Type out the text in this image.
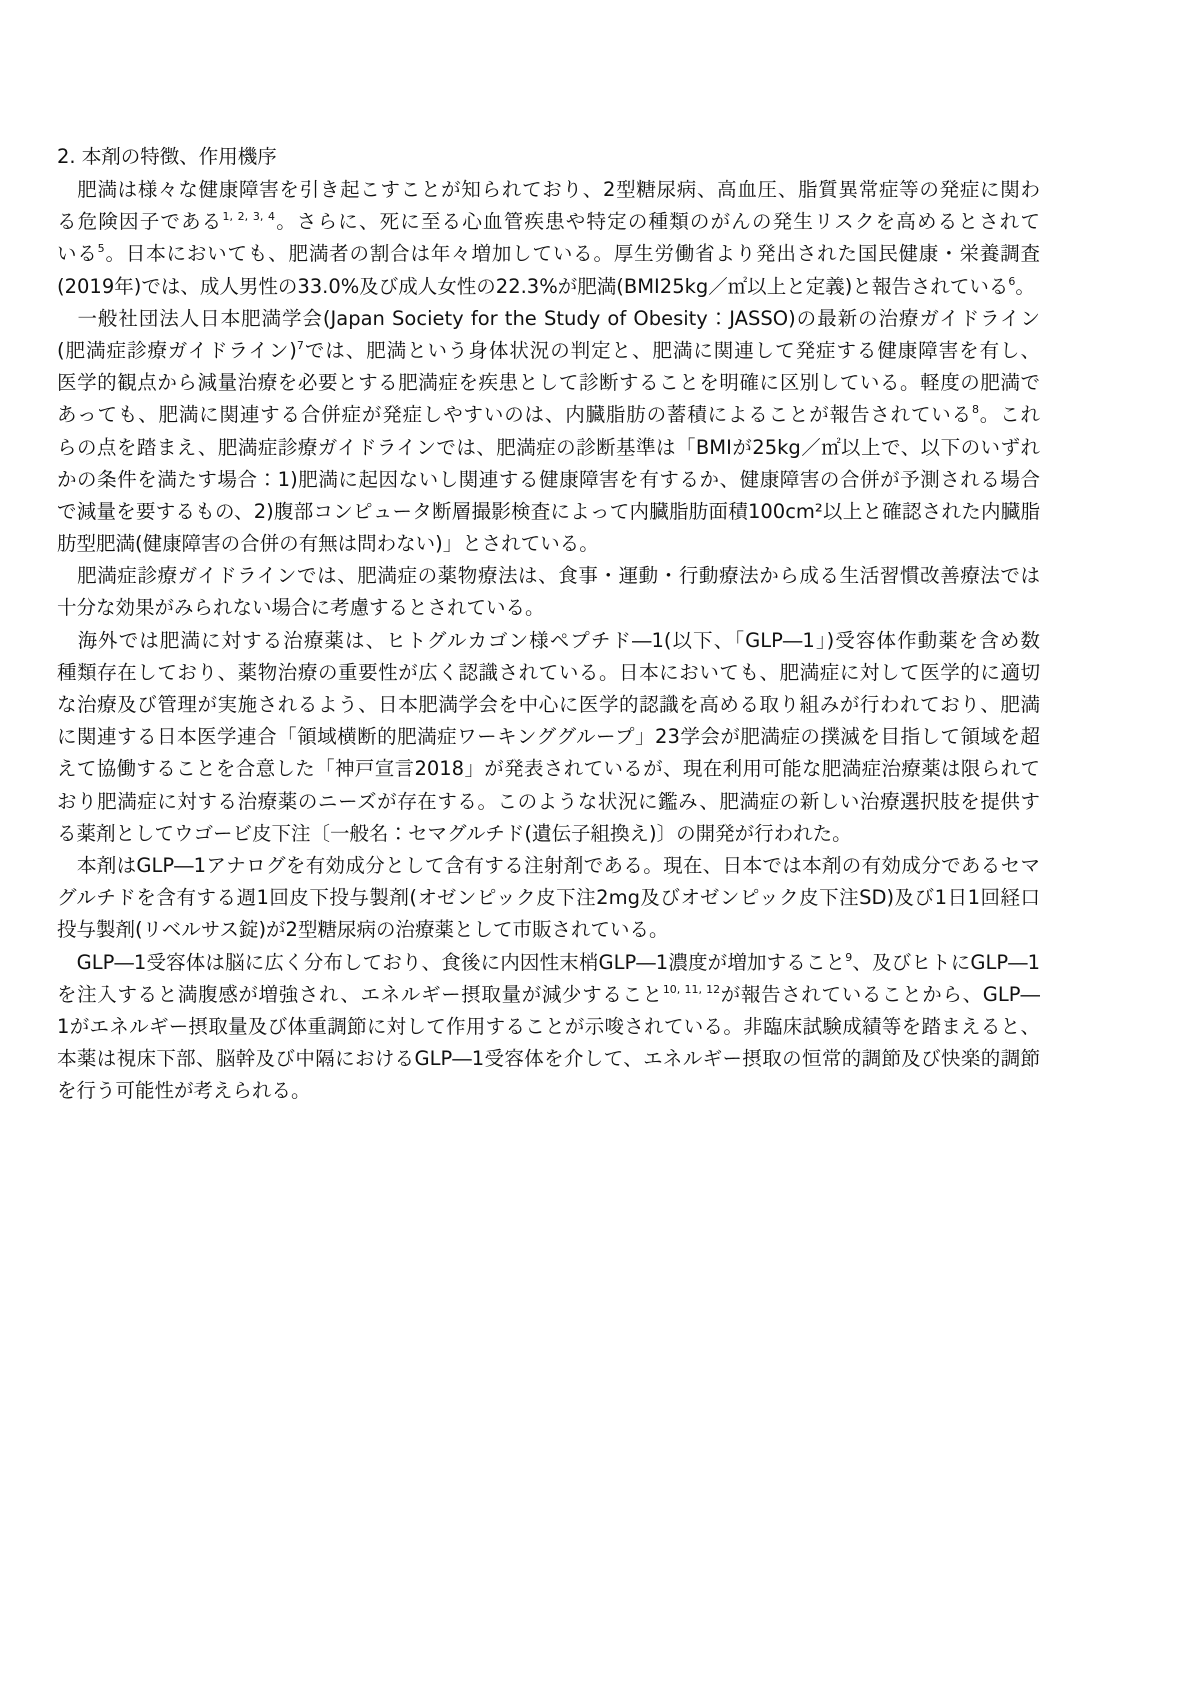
2. 本剤の特徴、作用機序
　肥満は様々な健康障害を引き起こすことが知られており、2型糖尿病、高血圧、脂質異常症等の発症に関わ
る危険因子である$^{1, 2, 3, 4}$。さらに、死に至る心血管疾患や特定の種類のがんの発生リスクを高めるとされて
いる$^5$。日本においても、肥満者の割合は年々増加している。厚生労働省より発出された国民健康・栄養調査
(2019年)では、成人男性の33.0%及び成人女性の22.3%が肥満(BMI25kg／㎡以上と定義)と報告されている$^6$。
　一般社団法人日本肥満学会(Japan Society for the Study of Obesity：JASSO)の最新の治療ガイドライン
(肥満症診療ガイドライン)$^7$では、肥満という身体状況の判定と、肥満に関連して発症する健康障害を有し、
医学的観点から減量治療を必要とする肥満症を疾患として診断することを明確に区別している。軽度の肥満で
あっても、肥満に関連する合併症が発症しやすいのは、内臓脂肪の蓄積によることが報告されている$^8$。これ
らの点を踏まえ、肥満症診療ガイドラインでは、肥満症の診断基準は「BMIが25kg／㎡以上で、以下のいずれ
かの条件を満たす場合：1)肥満に起因ないし関連する健康障害を有するか、健康障害の合併が予測される場合
で減量を要するもの、2)腹部コンピュータ断層撮影検査によって内臓脂肪面積100cm²以上と確認された内臓脂
肪型肥満(健康障害の合併の有無は問わない)」とされている。
　肥満症診療ガイドラインでは、肥満症の薬物療法は、食事・運動・行動療法から成る生活習慣改善療法では
十分な効果がみられない場合に考慮するとされている。
　海外では肥満に対する治療薬は、ヒトグルカゴン様ペプチド―1(以下、「GLP―1」)受容体作動薬を含め数
種類存在しており、薬物治療の重要性が広く認識されている。日本においても、肥満症に対して医学的に適切
な治療及び管理が実施されるよう、日本肥満学会を中心に医学的認識を高める取り組みが行われており、肥満
に関連する日本医学連合「領域横断的肥満症ワーキンググループ」23学会が肥満症の撲滅を目指して領域を超
えて協働することを合意した「神戸宣言2018」が発表されているが、現在利用可能な肥満症治療薬は限られて
おり肥満症に対する治療薬のニーズが存在する。このような状況に鑑み、肥満症の新しい治療選択肢を提供す
る薬剤としてウゴービ皮下注〔一般名：セマグルチド(遺伝子組換え)〕の開発が行われた。
　本剤はGLP―1アナログを有効成分として含有する注射剤である。現在、日本では本剤の有効成分であるセマ
グルチドを含有する週1回皮下投与製剤(オゼンピック皮下注2mg及びオゼンピック皮下注SD)及び1日1回経口
投与製剤(リベルサス錠)が2型糖尿病の治療薬として市販されている。
　GLP―1受容体は脳に広く分布しており、食後に内因性末梢GLP―1濃度が増加すること$^9$、及びヒトにGLP―1
を注入すると満腹感が増強され、エネルギー摂取量が減少すること$^{10, 11, 12}$が報告されていることから、GLP―
1がエネルギー摂取量及び体重調節に対して作用することが示唆されている。非臨床試験成績等を踏まえると、
本薬は視床下部、脳幹及び中隔におけるGLP―1受容体を介して、エネルギー摂取の恒常的調節及び快楽的調節
を行う可能性が考えられる。
